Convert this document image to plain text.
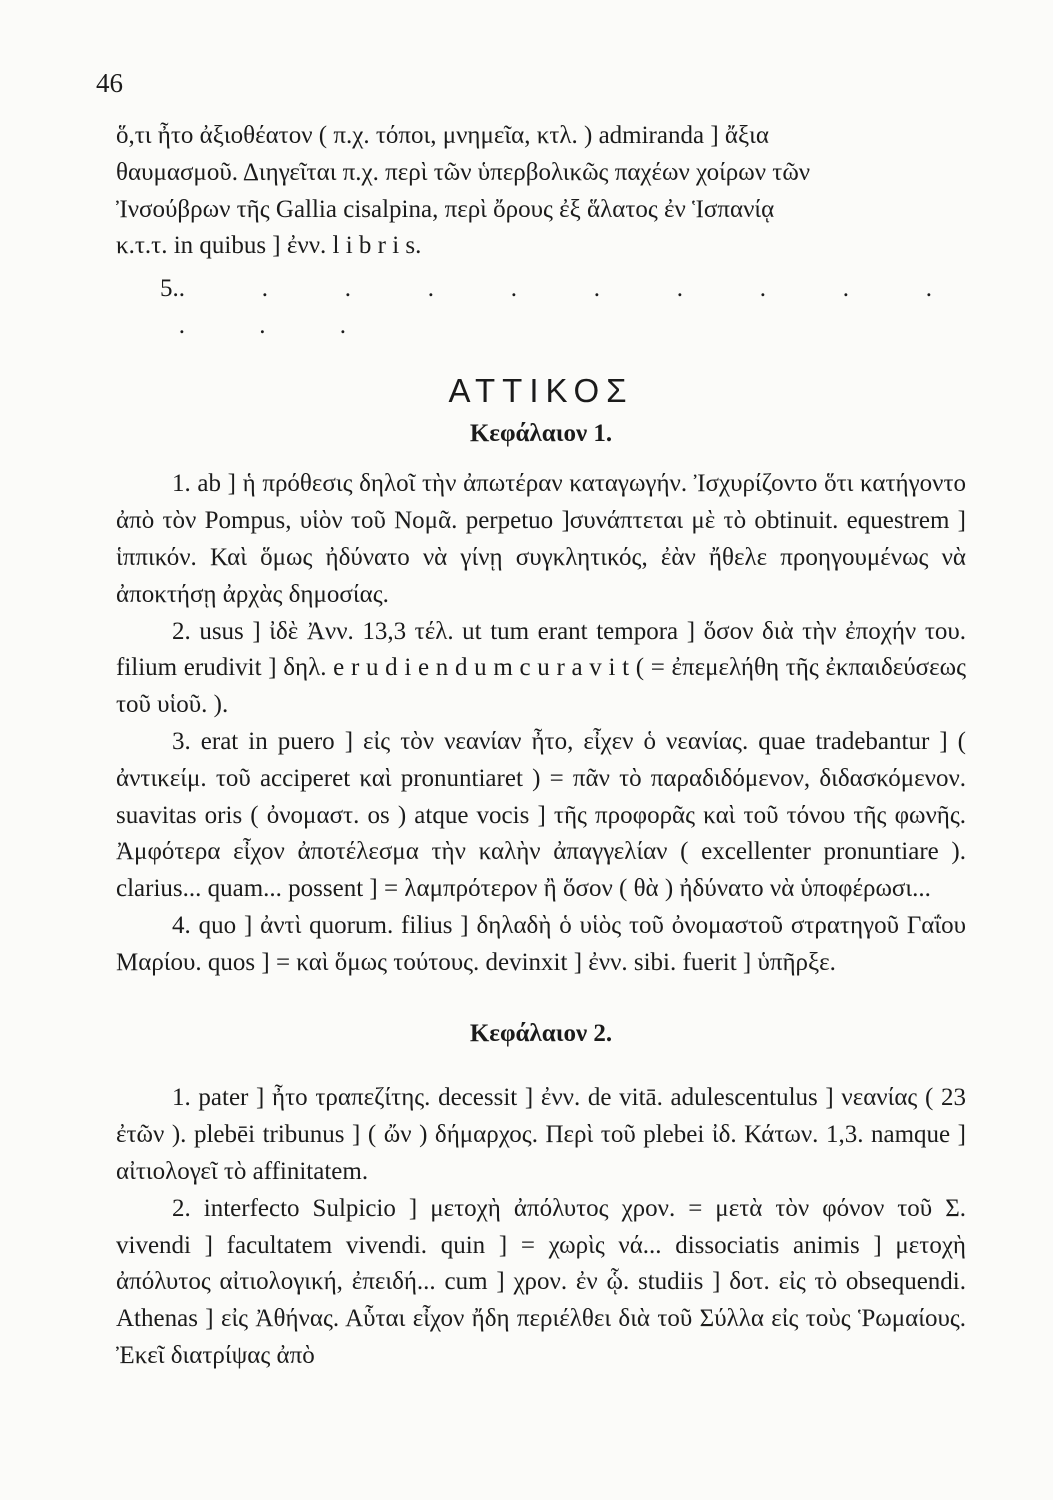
46

ὅ,τι ἦτο ἀξιοθέατον ( π.χ. τόποι, μνημεῖα, κτλ. ) admiranda ] ἄξια

θαυμασμοῦ. Διηγεῖται π.χ. περὶ τῶν ὑπερβολικῶς παχέων χοίρων τῶν

Ἰνσούβρων τῆς Gallia cisalpina, περὶ ὄρους ἐξ ἅλατος ἐν Ἱσπανίᾳ

κ.τ.τ. in quibus ] ἐνν. l i b r i s.

5. . . . . . . . . . . . . .

ΑΤΤΙΚΟΣ

Κεφάλαιον 1.

1. ab ] ἡ πρόθεσις δηλοῖ τὴν ἀπωτέραν καταγωγήν. Ἰσχυρίζοντο ὅτι κατήγοντο ἀπὸ τὸν Pompus, υἱὸν τοῦ Νομᾶ. perpetuo ]συνάπτεται μὲ τὸ obtinuit. equestrem ] ἱππικόν. Καὶ ὅμως ἠδύνατο νὰ γίνῃ συγκλητικός, ἐὰν ἤθελε προηγουμένως νὰ ἀποκτήσῃ ἀρχὰς δημοσίας.

2. usus ] ἰδὲ Ἀνν. 13,3 τέλ. ut tum erant tempora ] ὅσον διὰ τὴν ἐποχήν του. filium erudivit ] δηλ. e r u d i e n d u m c u r a v i t ( = ἐπεμελήθη τῆς ἐκπαιδεύσεως τοῦ υἱοῦ. ).

3. erat in puero ] εἰς τὸν νεανίαν ἦτο, εἶχεν ὁ νεανίας. quae tradebantur ] ( ἀντικείμ. τοῦ acciperet καὶ pronuntiaret ) = πᾶν τὸ παραδιδόμενον, διδασκόμενον. suavitas oris ( ὀνομαστ. os ) atque vocis ] τῆς προφορᾶς καὶ τοῦ τόνου τῆς φωνῆς. Ἀμφότερα εἶχον ἀποτέλεσμα τὴν καλὴν ἀπαγγελίαν ( excellenter pronuntiare ). clarius... quam... possent ] = λαμπρότερον ἢ ὅσον ( θὰ ) ἠδύνατο νὰ ὑποφέρωσι...

4. quo ] ἀντὶ quorum. filius ] δηλαδὴ ὁ υἱὸς τοῦ ὀνομαστοῦ στρατηγοῦ Γαΐου Μαρίου. quos ] = καὶ ὅμως τούτους. devinxit ] ἐνν. sibi. fuerit ] ὑπῆρξε.

Κεφάλαιον 2.

1. pater ] ἦτο τραπεζίτης. decessit ] ἐνν. de vitā. adulescentulus ] νεανίας ( 23 ἐτῶν ). plebēi tribunus ] ( ὤν ) δήμαρχος. Περὶ τοῦ plebei ἰδ. Κάτων. 1,3. namque ] αἰτιολογεῖ τὸ affinitatem.

2. interfecto Sulpicio ] μετοχὴ ἀπόλυτος χρον. = μετὰ τὸν φόνον τοῦ Σ. vivendi ] facultatem vivendi. quin ] = χωρὶς νά... dissociatis animis ] μετοχὴ ἀπόλυτος αἰτιολογική, ἐπειδή... cum ] χρον. ἐν ᾧ. studiis ] δοτ. εἰς τὸ obsequendi. Athenas ] εἰς Ἀθήνας. Αὗται εἶχον ἤδη περιέλθει διὰ τοῦ Σύλλα εἰς τοὺς Ῥωμαίους. Ἐκεῖ διατρίψας ἀπὸ
